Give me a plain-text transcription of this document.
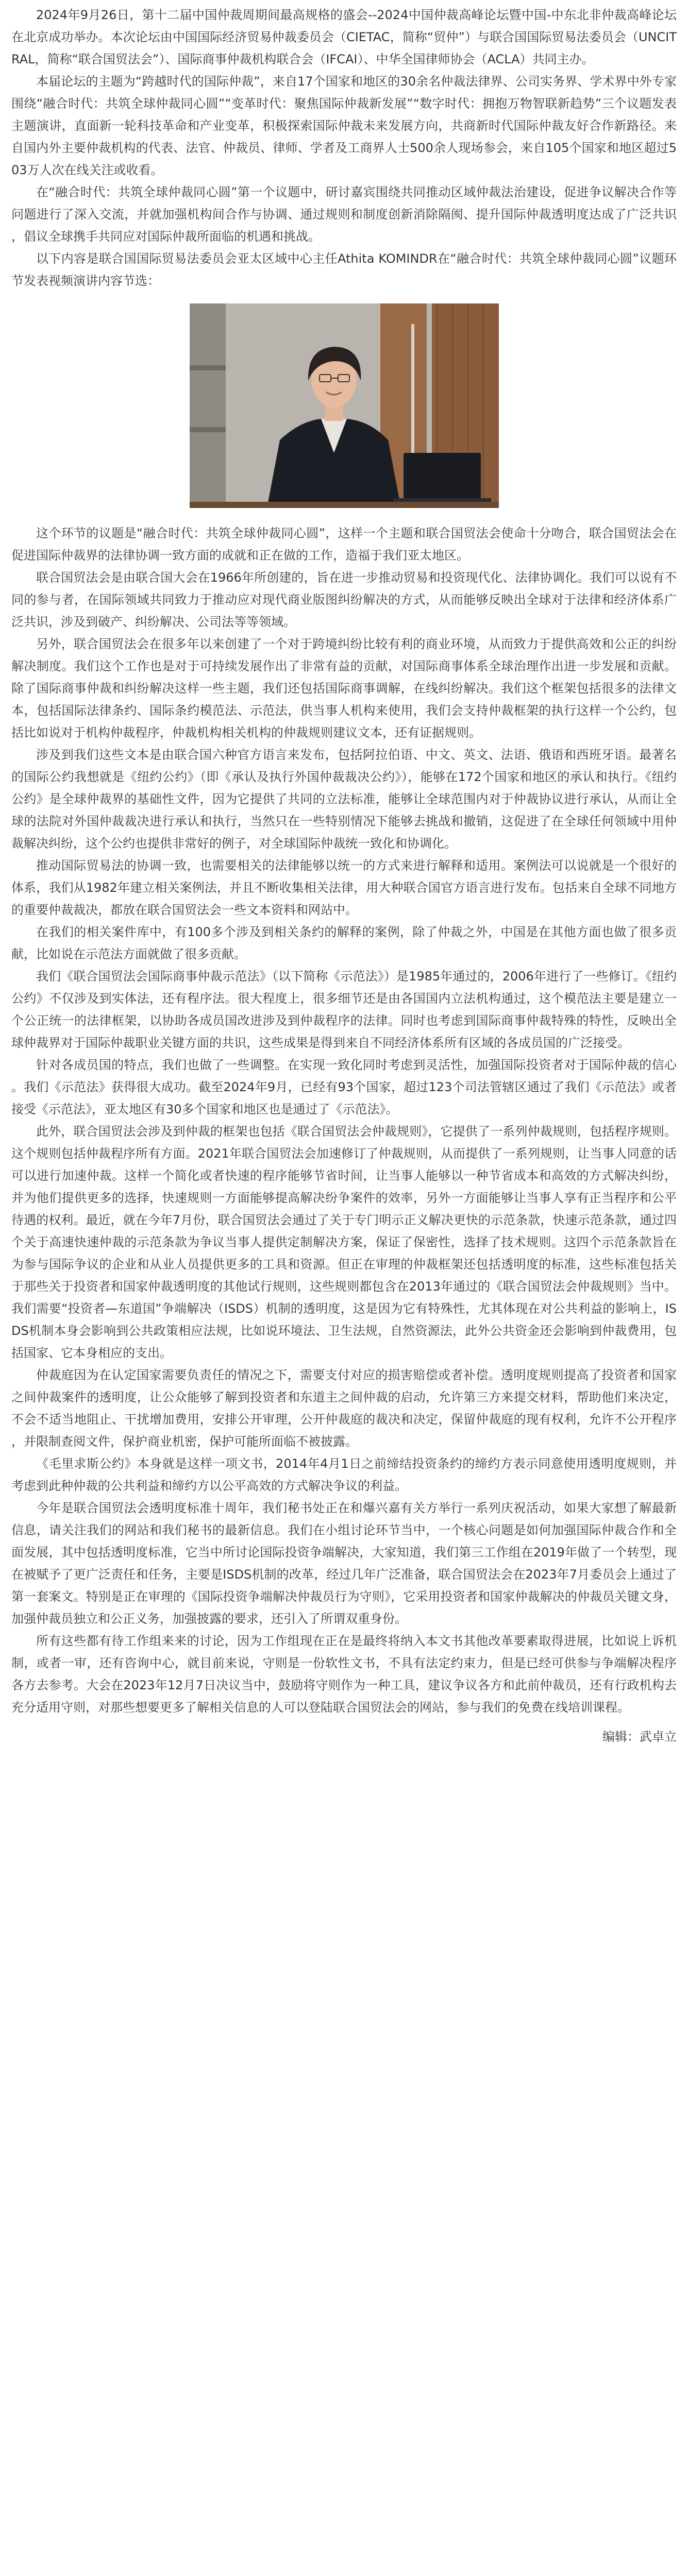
2024年9月26日，第十二届中国仲裁周期间最高规格的盛会--2024中国仲裁高峰论坛暨中国-中东北非仲裁高峰论坛在北京成功举办。本次论坛由中国国际经济贸易仲裁委员会（CIETAC，简称“贸仲”）与联合国国际贸易法委员会（UNCITRAL，简称“联合国贸法会”）、国际商事仲裁机构联合会（IFCAI）、中华全国律师协会（ACLA）共同主办。

本届论坛的主题为“跨越时代的国际仲裁”，来自17个国家和地区的30余名仲裁法律界、公司实务界、学术界中外专家围绕“融合时代：共筑全球仲裁同心圆”“变革时代：聚焦国际仲裁新发展”“数字时代：拥抱万物智联新趋势”三个议题发表主题演讲，直面新一轮科技革命和产业变革，积极探索国际仲裁未来发展方向，共商新时代国际仲裁友好合作新路径。来自国内外主要仲裁机构的代表、法官、仲裁员、律师、学者及工商界人士500余人现场参会，来自105个国家和地区超过503万人次在线关注或收看。

在“融合时代：共筑全球仲裁同心圆”第一个议题中，研讨嘉宾围绕共同推动区域仲裁法治建设，促进争议解决合作等问题进行了深入交流，并就加强机构间合作与协调、通过规则和制度创新消除隔阂、提升国际仲裁透明度达成了广泛共识，倡议全球携手共同应对国际仲裁所面临的机遇和挑战。

以下内容是联合国国际贸易法委员会亚太区域中心主任Athita KOMINDR在“融合时代：共筑全球仲裁同心圆”议题环节发表视频演讲内容节选：

这个环节的议题是“融合时代：共筑全球仲裁同心圆”，这样一个主题和联合国贸法会使命十分吻合，联合国贸法会在促进国际仲裁界的法律协调一致方面的成就和正在做的工作，造福于我们亚太地区。

联合国贸法会是由联合国大会在1966年所创建的，旨在进一步推动贸易和投资现代化、法律协调化。我们可以说有不同的参与者，在国际领域共同致力于推动应对现代商业版图纠纷解决的方式，从而能够反映出全球对于法律和经济体系广泛共识，涉及到破产、纠纷解决、公司法等等领域。

另外，联合国贸法会在很多年以来创建了一个对于跨境纠纷比较有利的商业环境，从而致力于提供高效和公正的纠纷解决制度。我们这个工作也是对于可持续发展作出了非常有益的贡献，对国际商事体系全球治理作出进一步发展和贡献。除了国际商事仲裁和纠纷解决这样一些主题，我们还包括国际商事调解，在线纠纷解决。我们这个框架包括很多的法律文本，包括国际法律条约、国际条约模范法、示范法，供当事人机构来使用，我们会支持仲裁框架的执行这样一个公约，包括比如说对于机构仲裁程序，仲裁机构相关机构的仲裁规则建议文本，还有证据规则。

涉及到我们这些文本是由联合国六种官方语言来发布，包括阿拉伯语、中文、英文、法语、俄语和西班牙语。最著名的国际公约我想就是《纽约公约》（即《承认及执行外国仲裁裁决公约》），能够在172个国家和地区的承认和执行。《纽约公约》是全球仲裁界的基础性文件，因为它提供了共同的立法标准，能够让全球范围内对于仲裁协议进行承认，从而让全球的法院对外国仲裁裁决进行承认和执行，当然只在一些特别情况下能够去挑战和撤销，这促进了在全球任何领域中用仲裁解决纠纷，这个公约也提供非常好的例子，对全球国际仲裁统一致化和协调化。

推动国际贸易法的协调一致，也需要相关的法律能够以统一的方式来进行解释和适用。案例法可以说就是一个很好的体系，我们从1982年建立相关案例法，并且不断收集相关法律，用大种联合国官方语言进行发布。包括来自全球不同地方的重要仲裁裁决，都放在联合国贸法会一些文本资料和网站中。

在我们的相关案件库中，有100多个涉及到相关条约的解释的案例，除了仲裁之外，中国是在其他方面也做了很多贡献，比如说在示范法方面就做了很多贡献。

我们《联合国贸法会国际商事仲裁示范法》（以下简称《示范法》）是1985年通过的，2006年进行了一些修订。《纽约公约》不仅涉及到实体法，还有程序法。很大程度上，很多细节还是由各国国内立法机构通过，这个模范法主要是建立一个公正统一的法律框架，以协助各成员国改进涉及到仲裁程序的法律。同时也考虑到国际商事仲裁特殊的特性，反映出全球仲裁界对于国际仲裁职业关键方面的共识，这些成果是得到来自不同经济体系所有区域的各成员国的广泛接受。

针对各成员国的特点，我们也做了一些调整。在实现一致化同时考虑到灵活性，加强国际投资者对于国际仲裁的信心。我们《示范法》获得很大成功。截至2024年9月，已经有93个国家，超过123个司法管辖区通过了我们《示范法》或者接受《示范法》，亚太地区有30多个国家和地区也是通过了《示范法》。

此外，联合国贸法会涉及到仲裁的框架也包括《联合国贸法会仲裁规则》，它提供了一系列仲裁规则，包括程序规则。这个规则包括仲裁程序所有方面。2021年联合国贸法会加速修订了仲裁规则，从而提供了一系列规则，让当事人同意的话可以进行加速仲裁。这样一个简化或者快速的程序能够节省时间，让当事人能够以一种节省成本和高效的方式解决纠纷，并为他们提供更多的选择，快速规则一方面能够提高解决纷争案件的效率，另外一方面能够让当事人享有正当程序和公平待遇的权利。最近，就在今年7月份，联合国贸法会通过了关于专门明示正义解决更快的示范条款，快速示范条款，通过四个关于高速快速仲裁的示范条款为争议当事人提供定制解决方案，保证了保密性，选择了技术规则。这四个示范条款旨在为参与国际争议的企业和从业人员提供更多的工具和资源。但正在审理的仲裁框架还包括透明度的标准，这些标准包括关于那些关于投资者和国家仲裁透明度的其他试行规则，这些规则都包含在2013年通过的《联合国贸法会仲裁规则》当中。我们需要“投资者—东道国”争端解决（ISDS）机制的透明度，这是因为它有特殊性，尤其体现在对公共利益的影响上，ISDS机制本身会影响到公共政策相应法规，比如说环境法、卫生法规，自然资源法，此外公共资金还会影响到仲裁费用，包括国家、它本身相应的支出。

仲裁庭因为在认定国家需要负责任的情况之下，需要支付对应的损害赔偿或者补偿。透明度规则提高了投资者和国家之间仲裁案件的透明度，让公众能够了解到投资者和东道主之间仲裁的启动，允许第三方来提交材料，帮助他们来决定，不会不适当地阻止、干扰增加费用，安排公开审理，公开仲裁庭的裁决和决定，保留仲裁庭的现有权利，允许不公开程序，并限制查阅文件，保护商业机密，保护可能所面临不被披露。

《毛里求斯公约》本身就是这样一项文书，2014年4月1日之前缔结投资条约的缔约方表示同意使用透明度规则，并考虑到此种仲裁的公共利益和缔约方以公平高效的方式解决争议的利益。

今年是联合国贸法会透明度标准十周年，我们秘书处正在和爆兴嘉有关方举行一系列庆祝活动，如果大家想了解最新信息，请关注我们的网站和我们秘书的最新信息。我们在小组讨论环节当中，一个核心问题是如何加强国际仲裁合作和全面发展，其中包括透明度标准，它当中所讨论国际投资争端解决，大家知道，我们第三工作组在2019年做了一个转型，现在被赋予了更广泛责任和任务，主要是ISDS机制的改革，经过几年广泛准备，联合国贸法会在2023年7月委员会上通过了第一套案文。特别是正在审理的《国际投资争端解决仲裁员行为守则》，它采用投资者和国家仲裁解决的仲裁员关键文身，加强仲裁员独立和公正义务，加强披露的要求，还引入了所谓双重身份。

所有这些都有待工作组来来的讨论，因为工作组现在正在是最终将纳入本文书其他改革要素取得进展，比如说上诉机制，或者一审，还有咨询中心，就目前来说，守则是一份软性文书，不具有法定约束力，但是已经可供参与争端解决程序各方去参考。大会在2023年12月7日决议当中，鼓励将守则作为一种工具，建议争议各方和此前仲裁员，还有行政机构去充分适用守则，对那些想要更多了解相关信息的人可以登陆联合国贸法会的网站，参与我们的免费在线培训课程。

编辑：武卓立
